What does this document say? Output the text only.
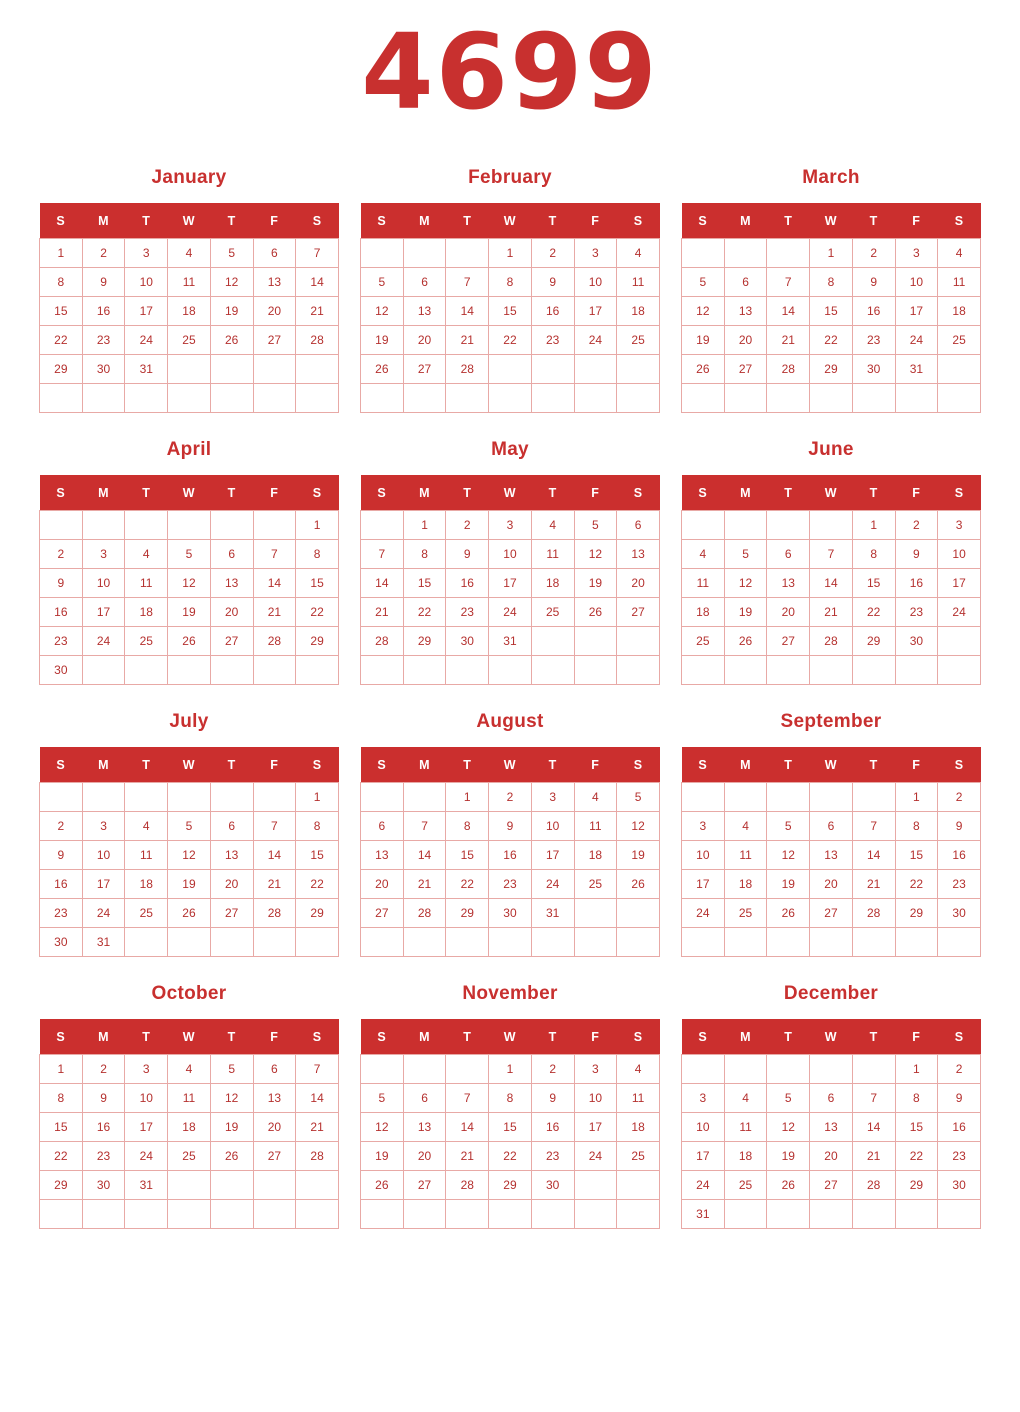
4699
January
S	M	T	W	T	F	S
1	2	3	4	5	6	7
8	9	10	11	12	13	14
15	16	17	18	19	20	21
22	23	24	25	26	27	28
29	30	31				

February
S	M	T	W	T	F	S
			1	2	3	4
5	6	7	8	9	10	11
12	13	14	15	16	17	18
19	20	21	22	23	24	25
26	27	28				

March
S	M	T	W	T	F	S
			1	2	3	4
5	6	7	8	9	10	11
12	13	14	15	16	17	18
19	20	21	22	23	24	25
26	27	28	29	30	31	

April
S	M	T	W	T	F	S
						1
2	3	4	5	6	7	8
9	10	11	12	13	14	15
16	17	18	19	20	21	22
23	24	25	26	27	28	29
30						
May
S	M	T	W	T	F	S
	1	2	3	4	5	6
7	8	9	10	11	12	13
14	15	16	17	18	19	20
21	22	23	24	25	26	27
28	29	30	31			

June
S	M	T	W	T	F	S
				1	2	3
4	5	6	7	8	9	10
11	12	13	14	15	16	17
18	19	20	21	22	23	24
25	26	27	28	29	30	

July
S	M	T	W	T	F	S
						1
2	3	4	5	6	7	8
9	10	11	12	13	14	15
16	17	18	19	20	21	22
23	24	25	26	27	28	29
30	31					
August
S	M	T	W	T	F	S
		1	2	3	4	5
6	7	8	9	10	11	12
13	14	15	16	17	18	19
20	21	22	23	24	25	26
27	28	29	30	31		

September
S	M	T	W	T	F	S
					1	2
3	4	5	6	7	8	9
10	11	12	13	14	15	16
17	18	19	20	21	22	23
24	25	26	27	28	29	30

October
S	M	T	W	T	F	S
1	2	3	4	5	6	7
8	9	10	11	12	13	14
15	16	17	18	19	20	21
22	23	24	25	26	27	28
29	30	31				

November
S	M	T	W	T	F	S
			1	2	3	4
5	6	7	8	9	10	11
12	13	14	15	16	17	18
19	20	21	22	23	24	25
26	27	28	29	30		

December
S	M	T	W	T	F	S
					1	2
3	4	5	6	7	8	9
10	11	12	13	14	15	16
17	18	19	20	21	22	23
24	25	26	27	28	29	30
31						
